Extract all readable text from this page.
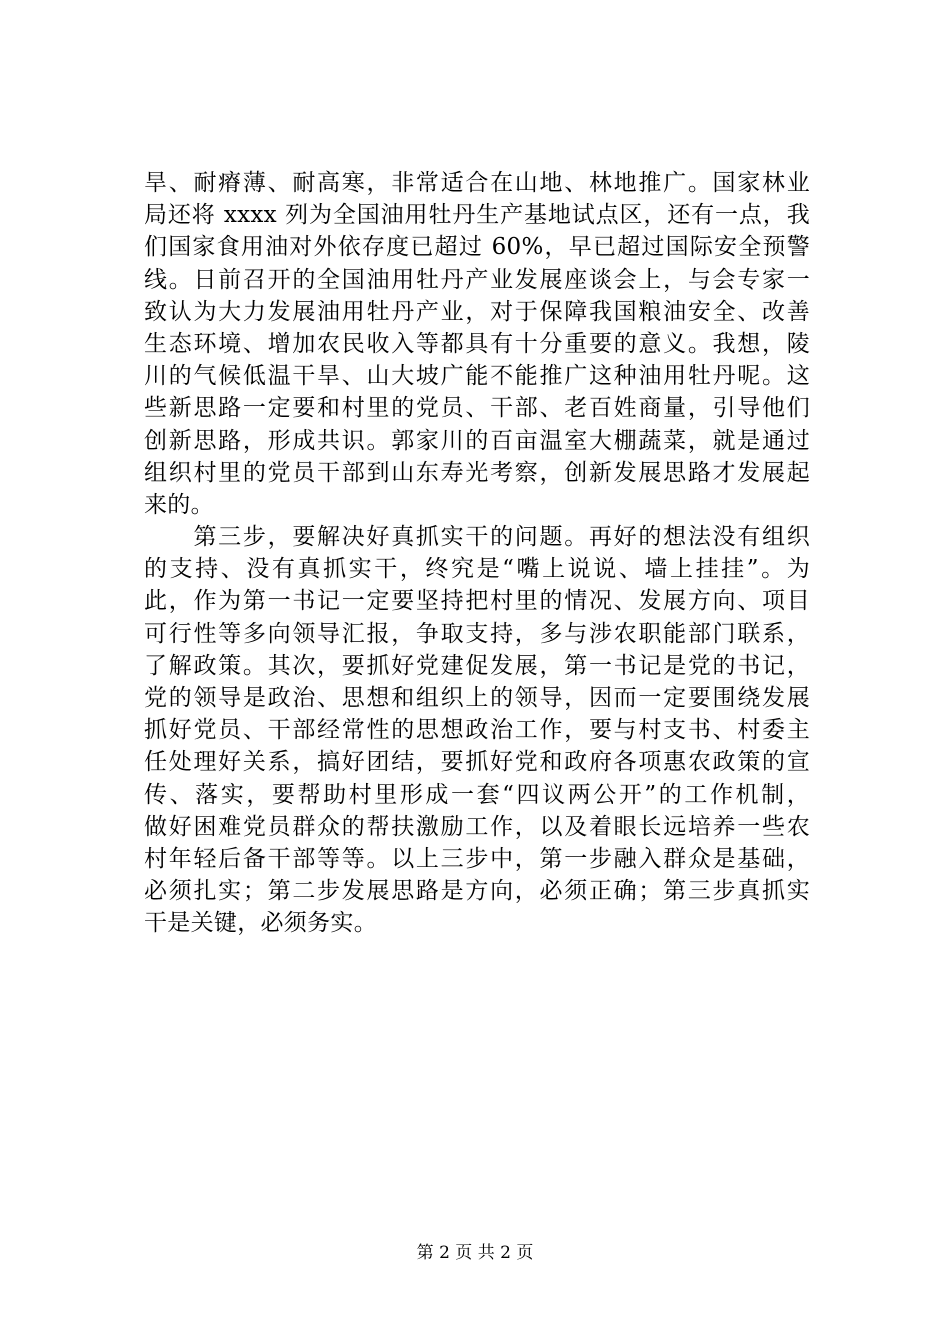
旱、耐瘠薄、耐高寒，非常适合在山地、林地推广。国家林业
局还将 xxxx 列为全国油用牡丹生产基地试点区，还有一点，我
们国家食用油对外依存度已超过 60%，早已超过国际安全预警
线。日前召开的全国油用牡丹产业发展座谈会上，与会专家一
致认为大力发展油用牡丹产业，对于保障我国粮油安全、改善
生态环境、增加农民收入等都具有十分重要的意义。我想，陵
川的气候低温干旱、山大坡广能不能推广这种油用牡丹呢。这
些新思路一定要和村里的党员、干部、老百姓商量，引导他们
创新思路，形成共识。郭家川的百亩温室大棚蔬菜，就是通过
组织村里的党员干部到山东寿光考察，创新发展思路才发展起
来的。
　　第三步，要解决好真抓实干的问题。再好的想法没有组织
的支持、没有真抓实干，终究是“嘴上说说、墙上挂挂”。为
此，作为第一书记一定要坚持把村里的情况、发展方向、项目
可行性等多向领导汇报，争取支持，多与涉农职能部门联系，
了解政策。其次，要抓好党建促发展，第一书记是党的书记，
党的领导是政治、思想和组织上的领导，因而一定要围绕发展
抓好党员、干部经常性的思想政治工作，要与村支书、村委主
任处理好关系，搞好团结，要抓好党和政府各项惠农政策的宣
传、落实，要帮助村里形成一套“四议两公开”的工作机制，
做好困难党员群众的帮扶激励工作，以及着眼长远培养一些农
村年轻后备干部等等。以上三步中，第一步融入群众是基础，
必须扎实；第二步发展思路是方向，必须正确；第三步真抓实
干是关键，必须务实。
第 2 页 共 2 页
